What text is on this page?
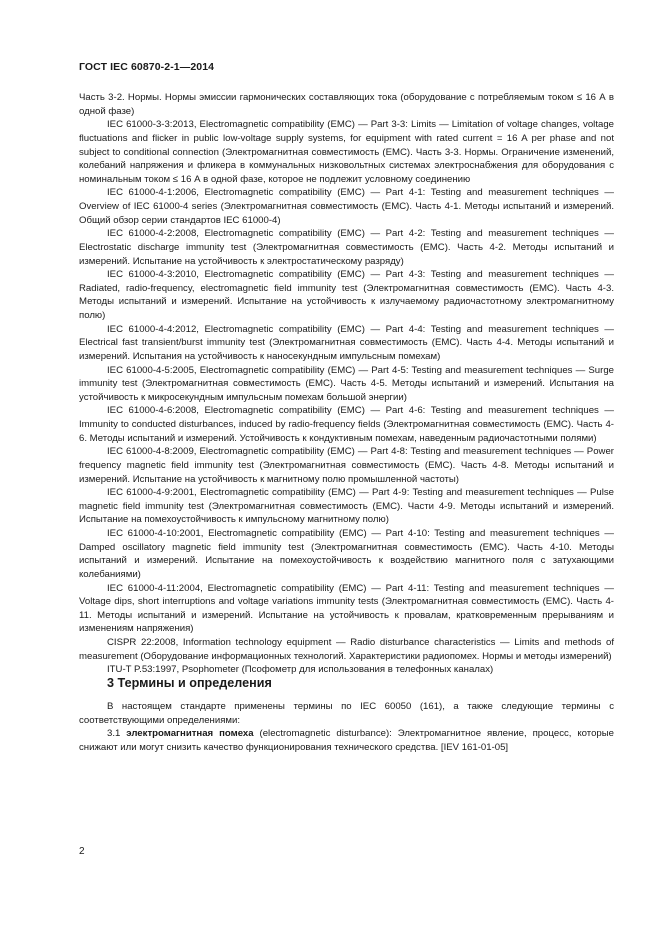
ГОСТ IEC 60870-2-1—2014

Часть 3-2. Нормы. Нормы эмиссии гармонических составляющих тока (оборудование с потребляемым током ≤ 16 А в одной фазе)

IEC 61000-3-3:2013, Electromagnetic compatibility (EMC) — Part 3-3: Limits — Limitation of voltage changes, voltage fluctuations and flicker in public low-voltage supply systems, for equipment with rated current = 16 A per phase and not subject to conditional connection (Электромагнитная совместимость (EMC). Часть 3-3. Нормы. Ограничение изменений, колебаний напряжения и фликера в коммунальных низковольтных системах электроснабжения для оборудования с номинальным током ≤ 16 А в одной фазе, которое не подлежит условному соединению

IEC 61000-4-1:2006, Electromagnetic compatibility (EMC) — Part 4-1: Testing and measurement techniques — Overview of IEC 61000-4 series (Электромагнитная совместимость (EMC). Часть 4-1. Методы испытаний и измерений. Общий обзор серии стандартов IEC 61000-4)

IEC 61000-4-2:2008, Electromagnetic compatibility (EMC) — Part 4-2: Testing and measurement techniques — Electrostatic discharge immunity test (Электромагнитная совместимость (EMC). Часть 4-2. Методы испытаний и измерений. Испытание на устойчивость к электростатическому разряду)

IEC 61000-4-3:2010, Electromagnetic compatibility (EMC) — Part 4-3: Testing and measurement techniques — Radiated, radio-frequency, electromagnetic field immunity test (Электромагнитная совместимость (EMC). Часть 4-3. Методы испытаний и измерений. Испытание на устойчивость к излучаемому радиочастотному электромагнитному полю)

IEC 61000-4-4:2012, Electromagnetic compatibility (EMC) — Part 4-4: Testing and measurement techniques — Electrical fast transient/burst immunity test (Электромагнитная совместимость (EMC). Часть 4-4. Методы испытаний и измерений. Испытания на устойчивость к наносекундным импульсным помехам)

IEC 61000-4-5:2005, Electromagnetic compatibility (EMC) — Part 4-5: Testing and measurement techniques — Surge immunity test (Электромагнитная совместимость (EMC). Часть 4-5. Методы испытаний и измерений. Испытания на устойчивость к микросекундным импульсным помехам большой энергии)

IEC 61000-4-6:2008, Electromagnetic compatibility (EMC) — Part 4-6: Testing and measurement techniques — Immunity to conducted disturbances, induced by radio-frequency fields (Электромагнитная совместимость (EMC). Часть 4-6. Методы испытаний и измерений. Устойчивость к кондуктивным помехам, наведенным радиочастотными полями)

IEC 61000-4-8:2009, Electromagnetic compatibility (EMC) — Part 4-8: Testing and measurement techniques — Power frequency magnetic field immunity test (Электромагнитная совместимость (EMC). Часть 4-8. Методы испытаний и измерений. Испытание на устойчивость к магнитному полю промышленной частоты)

IEC 61000-4-9:2001, Electromagnetic compatibility (EMC) — Part 4-9: Testing and measurement techniques — Pulse magnetic field immunity test (Электромагнитная совместимость (EMC). Части 4-9. Методы испытаний и измерений. Испытание на помехоустойчивость к импульсному магнитному полю)

IEC 61000-4-10:2001, Electromagnetic compatibility (EMC) — Part 4-10: Testing and measurement techniques — Damped oscillatory magnetic field immunity test (Электромагнитная совместимость (EMC). Часть 4-10. Методы испытаний и измерений. Испытание на помехоустойчивость к воздействию магнитного поля с затухающими колебаниями)

IEC 61000-4-11:2004, Electromagnetic compatibility (EMC) — Part 4-11: Testing and measurement techniques — Voltage dips, short interruptions and voltage variations immunity tests (Электромагнитная совместимость (EMC). Часть 4-11. Методы испытаний и измерений. Испытание на устойчивость к провалам, кратковременным прерываниям и изменениям напряжения)

CISPR 22:2008, Information technology equipment — Radio disturbance characteristics — Limits and methods of measurement (Оборудование информационных технологий. Характеристики радиопомех. Нормы и методы измерений)

ITU-T P.53:1997, Psophometer (Псофометр для использования в телефонных каналах)

3 Термины и определения

В настоящем стандарте применены термины по IEC 60050 (161), а также следующие термины с соответствующими определениями:

3.1 электромагнитная помеха (electromagnetic disturbance): Электромагнитное явление, процесс, которые снижают или могут снизить качество функционирования технического средства. [IEV 161-01-05]

2
